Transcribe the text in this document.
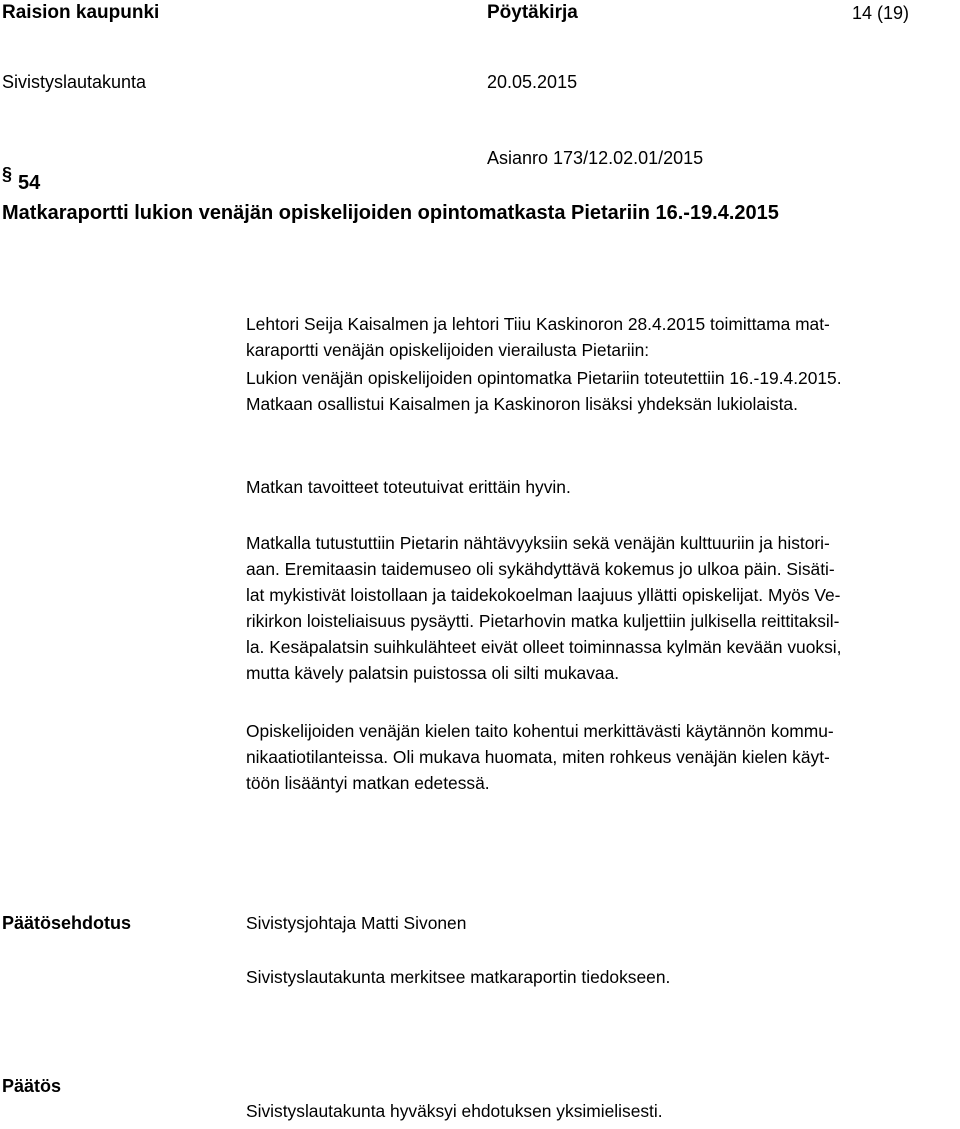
Raision kaupunki	Pöytäkirja	14 (19)
Sivistyslautakunta	20.05.2015
Asianro 173/12.02.01/2015
§ 54
Matkaraportti lukion venäjän opiskelijoiden opintomatkasta Pietariin 16.-19.4.2015

Lehtori Seija Kaisalmen ja lehtori Tiiu Kaskinoron 28.4.2015 toimittama mat-

karaportti venäjän opiskelijoiden vierailusta Pietariin:

Lukion venäjän opiskelijoiden opintomatka Pietariin toteutettiin 16.-19.4.2015.

Matkaan osallistui Kaisalmen ja Kaskinoron lisäksi yhdeksän lukiolaista.

Matkan tavoitteet toteutuivat erittäin hyvin.

Matkalla tutustuttiin Pietarin nähtävyyksiin sekä venäjän kulttuuriin ja histori-

aan. Eremitaasin taidemuseo oli sykähdyttävä kokemus jo ulkoa päin. Sisäti-

lat mykistivät loistollaan ja taidekokoelman laajuus yllätti opiskelijat. Myös Ve-

rikirkon loisteliaisuus pysäytti. Pietarhovin matka kuljettiin julkisella reittitaksil-

la. Kesäpalatsin suihkulähteet eivät olleet toiminnassa kylmän kevään vuoksi,

mutta kävely palatsin puistossa oli silti mukavaa.

Opiskelijoiden venäjän kielen taito kohentui merkittävästi käytännön kommu-

nikaatiotilanteissa. Oli mukava huomata, miten rohkeus venäjän kielen käyt-

töön lisääntyi matkan edetessä.

Päätösehdotus	Sivistysjohtaja Matti Sivonen
Sivistyslautakunta merkitsee matkaraportin tiedokseen.
Päätös
Sivistyslautakunta hyväksyi ehdotuksen yksimielisesti.
